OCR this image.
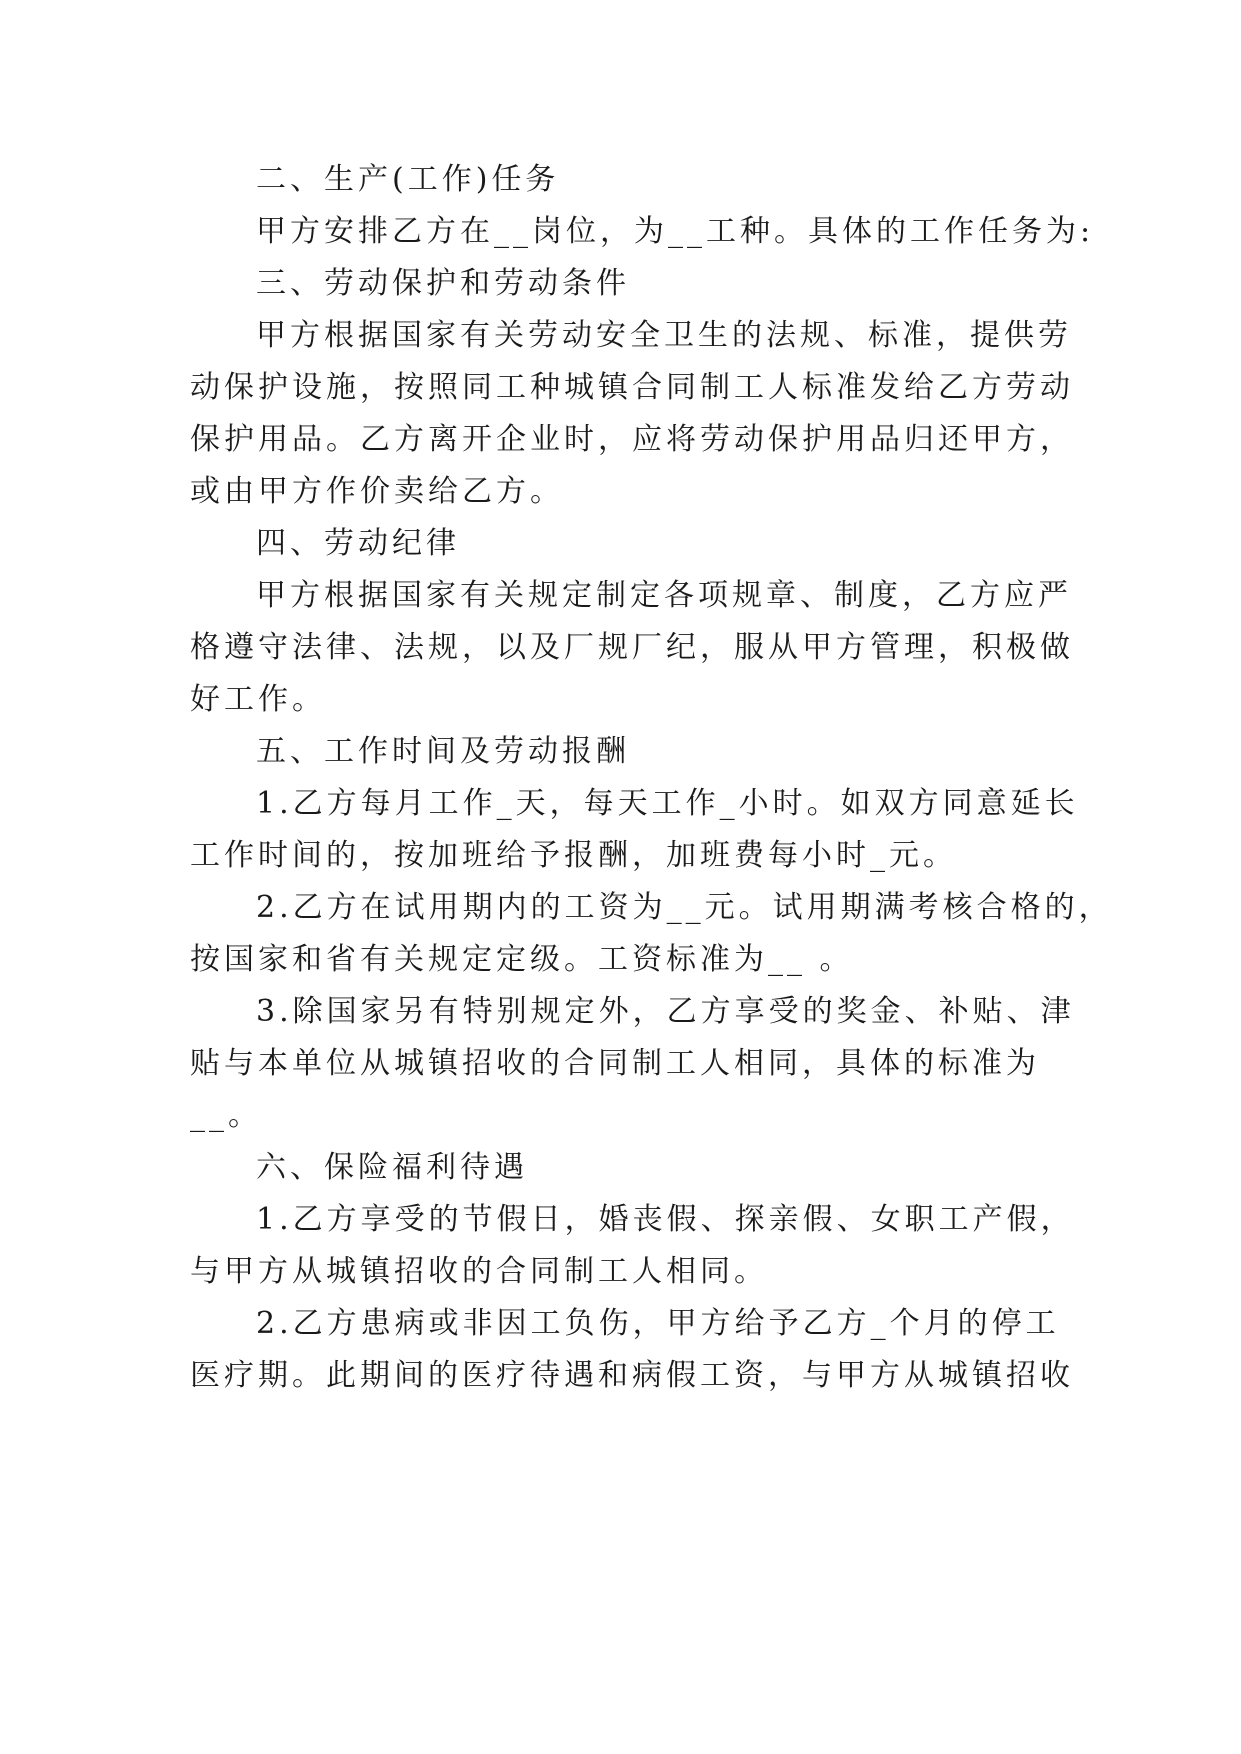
二、生产(工作)任务
甲方安排乙方在__岗位，为__工种。具体的工作任务为:
三、劳动保护和劳动条件
甲方根据国家有关劳动安全卫生的法规、标准，提供劳
动保护设施，按照同工种城镇合同制工人标准发给乙方劳动
保护用品。乙方离开企业时，应将劳动保护用品归还甲方，
或由甲方作价卖给乙方。
四、劳动纪律
甲方根据国家有关规定制定各项规章、制度，乙方应严
格遵守法律、法规，以及厂规厂纪，服从甲方管理，积极做
好工作。
五、工作时间及劳动报酬
1.乙方每月工作_天，每天工作_小时。如双方同意延长
工作时间的，按加班给予报酬，加班费每小时_元。
2.乙方在试用期内的工资为__元。试用期满考核合格的，
按国家和省有关规定定级。工资标准为__ 。
3.除国家另有特别规定外，乙方享受的奖金、补贴、津
贴与本单位从城镇招收的合同制工人相同，具体的标准为
__。
六、保险福利待遇
1.乙方享受的节假日，婚丧假、探亲假、女职工产假，
与甲方从城镇招收的合同制工人相同。
2.乙方患病或非因工负伤，甲方给予乙方_个月的停工
医疗期。此期间的医疗待遇和病假工资，与甲方从城镇招收
